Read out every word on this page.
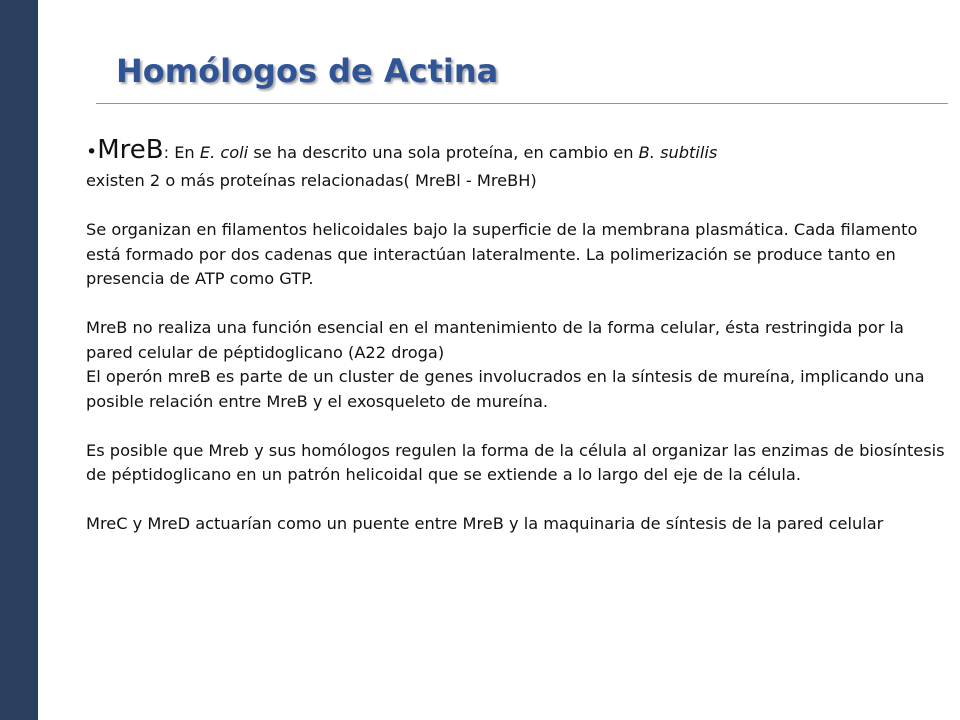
Homólogos de Actina

•MreB: En E. coli se ha descrito una sola proteína, en cambio en B. subtilis

existen 2 o más proteínas relacionadas( MreBl - MreBH)

Se organizan en filamentos helicoidales bajo la superficie de la membrana plasmática. Cada filamento está formado por dos cadenas que interactúan lateralmente. La polimerización se produce tanto en presencia de ATP como GTP.

MreB no realiza una función esencial en el mantenimiento de la forma celular, ésta restringida por la pared celular de péptidoglicano (A22 droga)

El operón mreB es parte de un cluster de genes involucrados en la síntesis de mureína, implicando una posible relación entre MreB y el exosqueleto de mureína.

Es posible que Mreb y sus homólogos regulen la forma de la célula al organizar las enzimas de biosíntesis de péptidoglicano en un patrón helicoidal que se extiende a lo largo del eje de la célula.

MreC y MreD actuarían como un puente entre MreB y la maquinaria de síntesis de la pared celular
